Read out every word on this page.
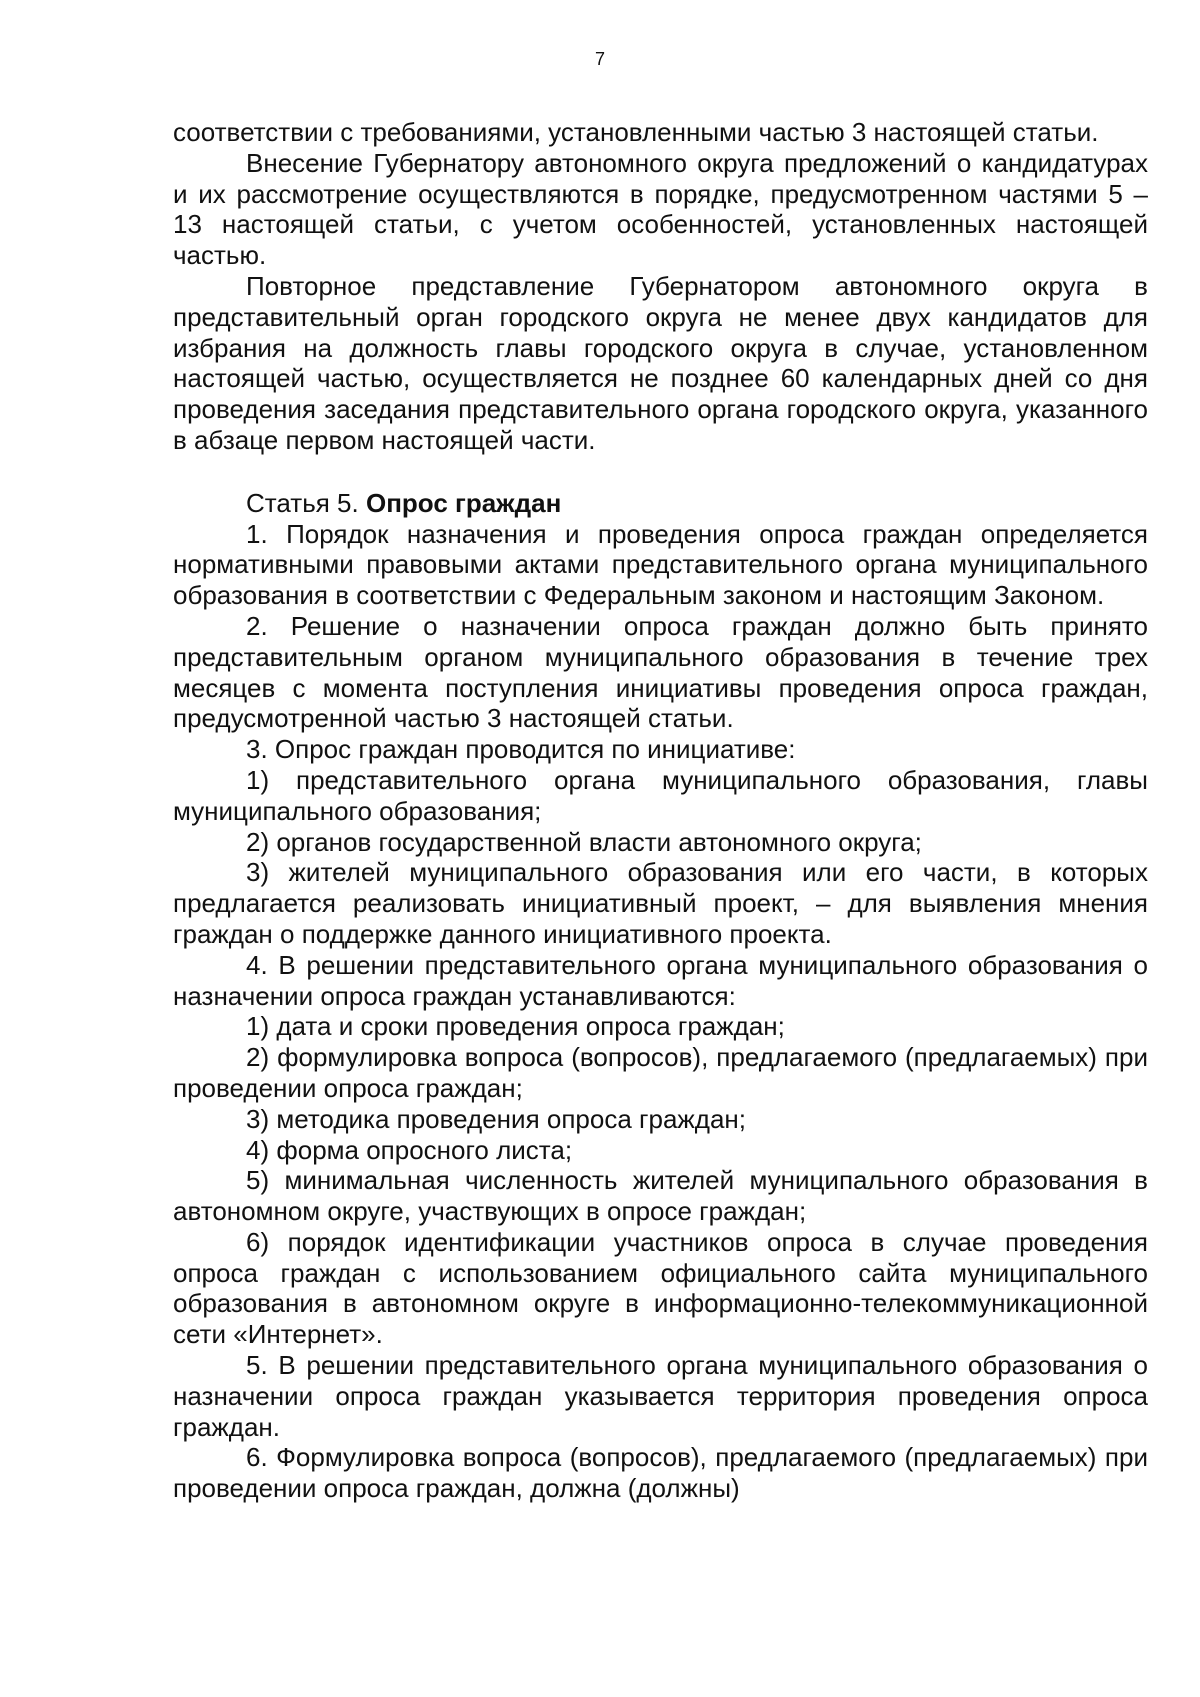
7

соответствии с требованиями, установленными частью 3 настоящей статьи.

Внесение Губернатору автономного округа предложений о кандидатурах и их рассмотрение осуществляются в порядке, предусмотренном частями 5 – 13 настоящей статьи, с учетом особенностей, установленных настоящей частью.

Повторное представление Губернатором автономного округа в представительный орган городского округа не менее двух кандидатов для избрания на должность главы городского округа в случае, установленном настоящей частью, осуществляется не позднее 60 календарных дней со дня проведения заседания представительного органа городского округа, указанного в абзаце первом настоящей части.

Статья 5. Опрос граждан

1. Порядок назначения и проведения опроса граждан определяется нормативными правовыми актами представительного органа муниципального образования в соответствии с Федеральным законом и настоящим Законом.

2. Решение о назначении опроса граждан должно быть принято представительным органом муниципального образования в течение трех месяцев с момента поступления инициативы проведения опроса граждан, предусмотренной частью 3 настоящей статьи.

3. Опрос граждан проводится по инициативе:

1) представительного органа муниципального образования, главы муниципального образования;

2) органов государственной власти автономного округа;

3) жителей муниципального образования или его части, в которых предлагается реализовать инициативный проект, – для выявления мнения граждан о поддержке данного инициативного проекта.

4. В решении представительного органа муниципального образования о назначении опроса граждан устанавливаются:

1) дата и сроки проведения опроса граждан;

2) формулировка вопроса (вопросов), предлагаемого (предлагаемых) при проведении опроса граждан;

3) методика проведения опроса граждан;

4) форма опросного листа;

5) минимальная численность жителей муниципального образования в автономном округе, участвующих в опросе граждан;

6) порядок идентификации участников опроса в случае проведения опроса граждан с использованием официального сайта муниципального образования в автономном округе в информационно-телекоммуникационной сети «Интернет».

5. В решении представительного органа муниципального образования о назначении опроса граждан указывается территория проведения опроса граждан.

6. Формулировка вопроса (вопросов), предлагаемого (предлагаемых) при проведении опроса граждан, должна (должны)
